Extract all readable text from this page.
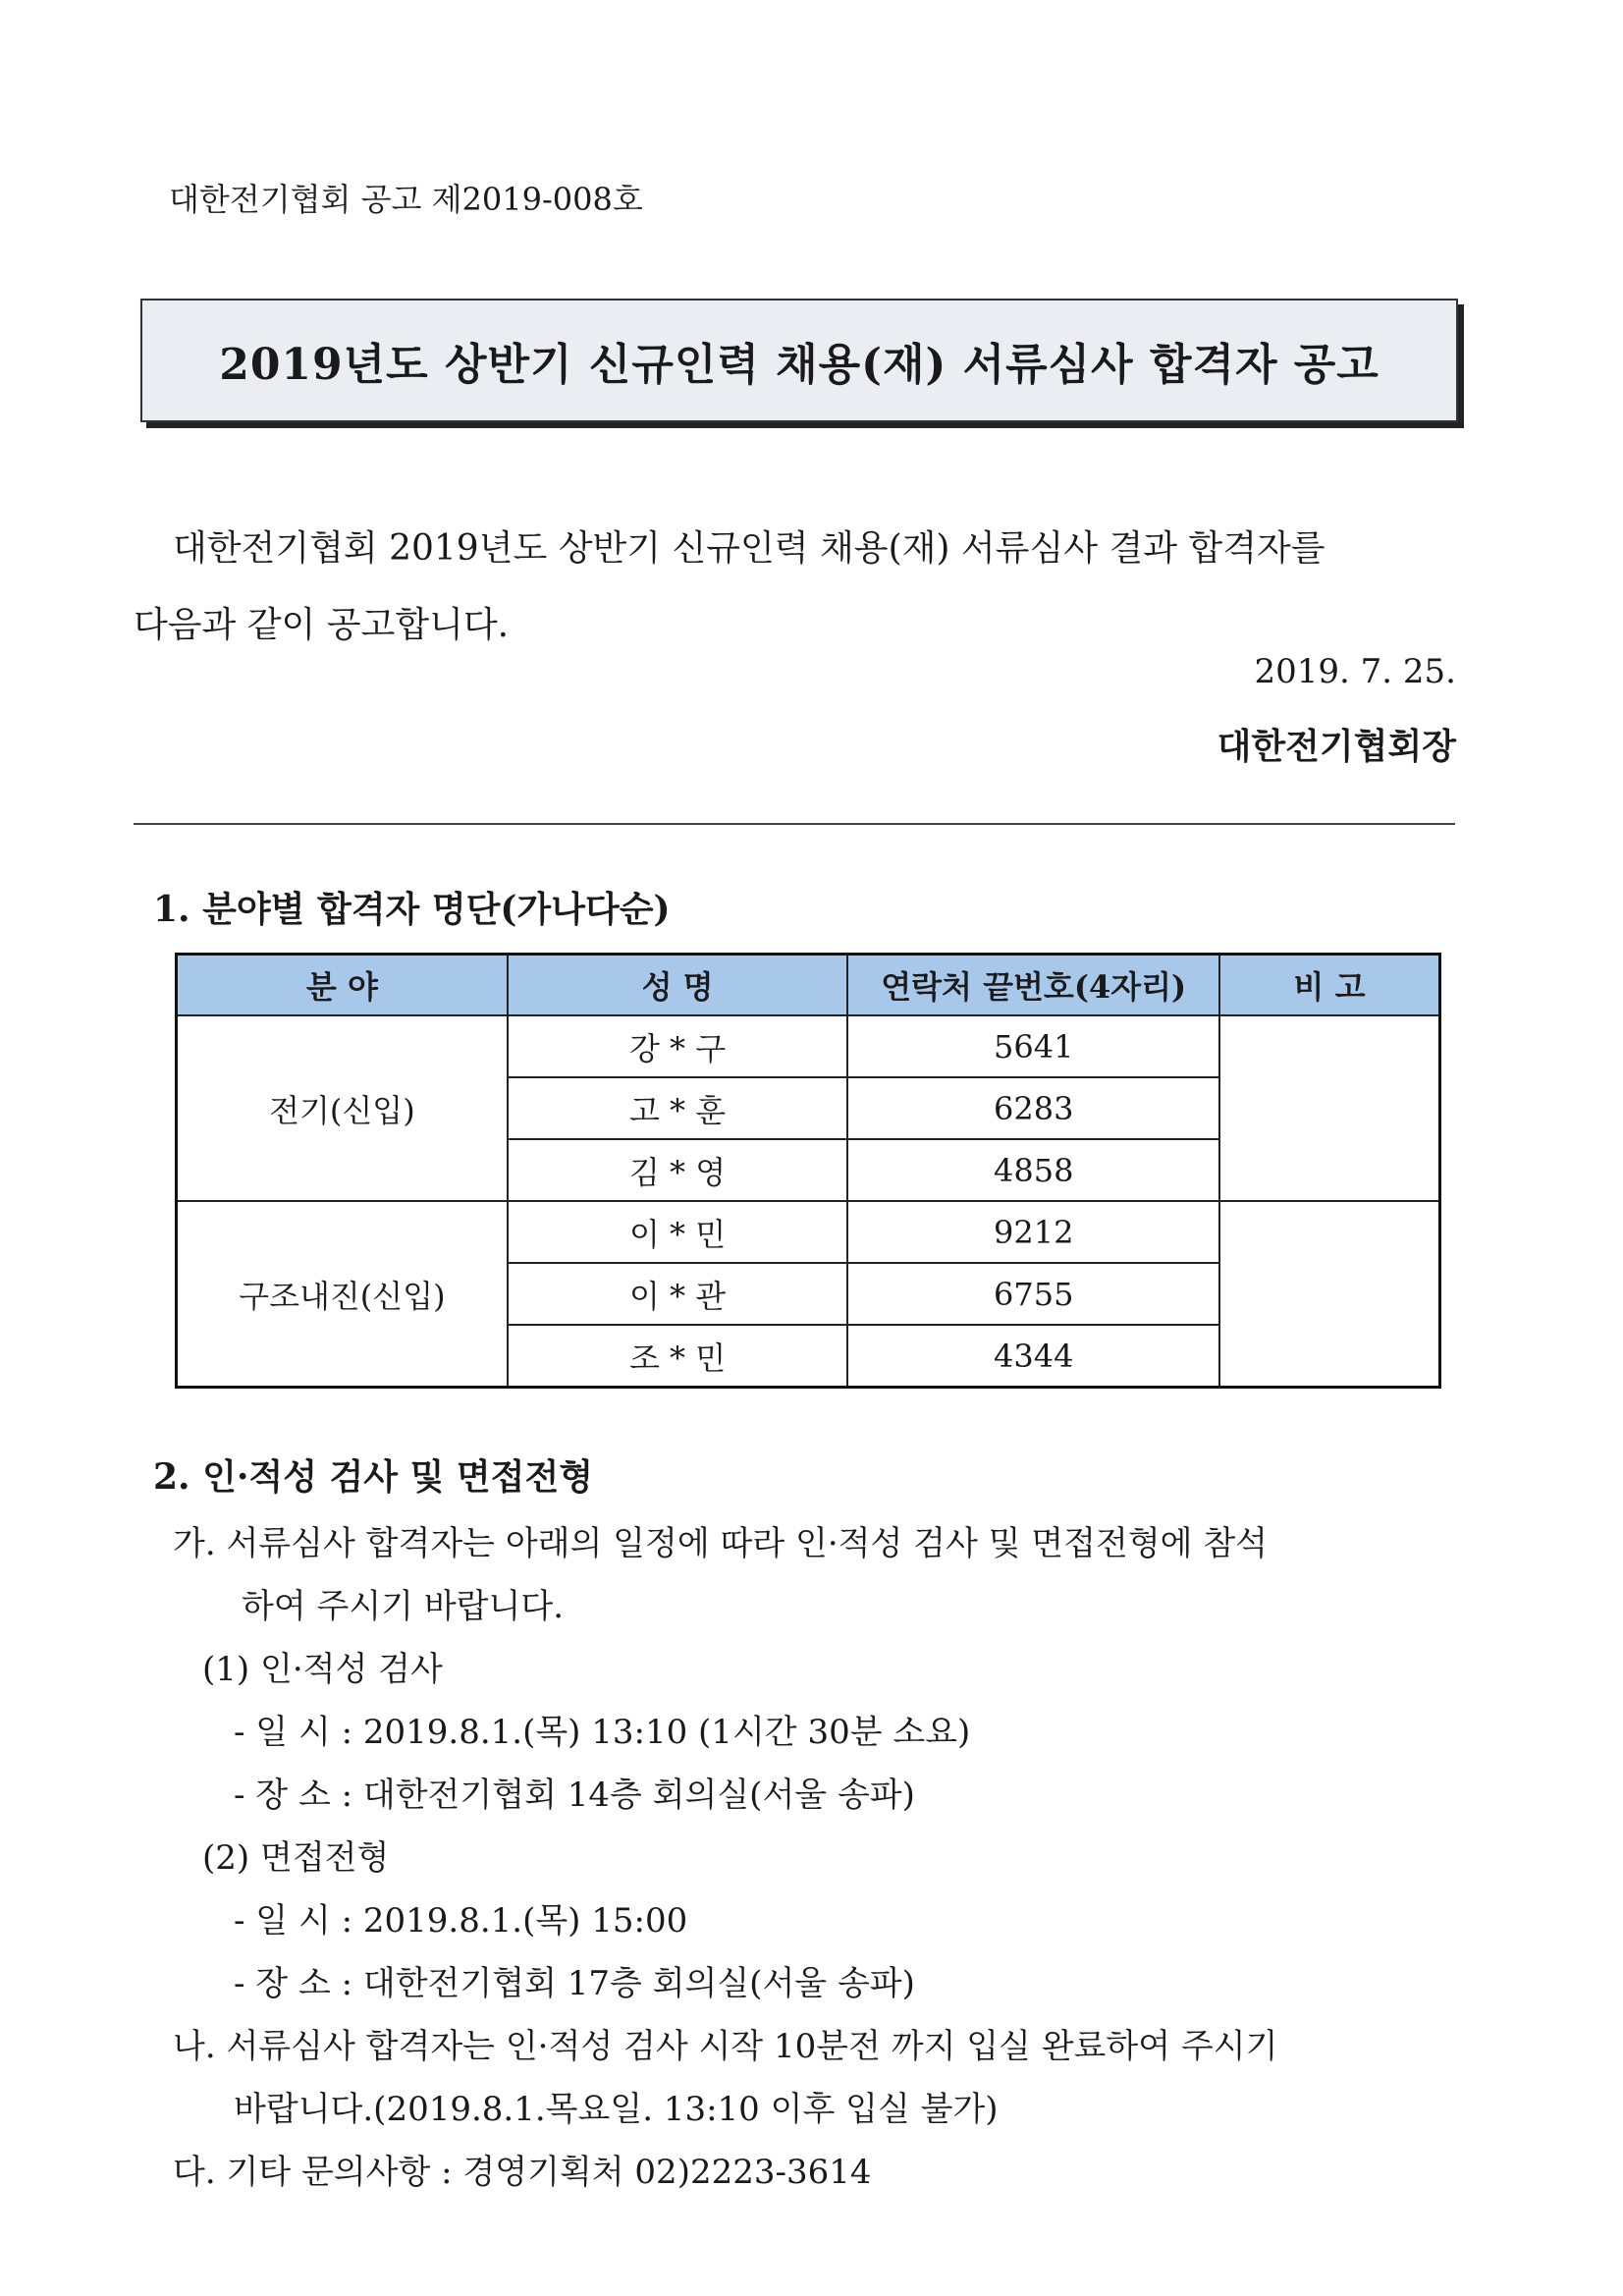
대한전기협회 공고 제2019-008호
2019년도 상반기 신규인력 채용(재) 서류심사 합격자 공고

대한전기협회 2019년도 상반기 신규인력 채용(재) 서류심사 결과 합격자를

다음과 같이 공고합니다.

2019. 7. 25.
대한전기협회장
1. 분야별 합격자 명단(가나다순)
분 야	성 명	연락처 끝번호(4자리)	비 고
전기(신입)	강 * 구	5641	
	고 * 훈	6283	
	김 * 영	4858	
구조내진(신입)	이 * 민	9212	
	이 * 관	6755	
	조 * 민	4344	
2. 인·적성 검사 및 면접전형
가. 서류심사 합격자는 아래의 일정에 따라 인·적성 검사 및 면접전형에 참석
하여 주시기 바랍니다.
(1) 인·적성 검사
- 일 시 : 2019.8.1.(목) 13:10 (1시간 30분 소요)
- 장 소 : 대한전기협회 14층 회의실(서울 송파)
(2) 면접전형
- 일 시 : 2019.8.1.(목) 15:00
- 장 소 : 대한전기협회 17층 회의실(서울 송파)
나. 서류심사 합격자는 인·적성 검사 시작 10분전 까지 입실 완료하여 주시기
바랍니다.(2019.8.1.목요일. 13:10 이후 입실 불가)
다. 기타 문의사항 : 경영기획처 02)2223-3614
